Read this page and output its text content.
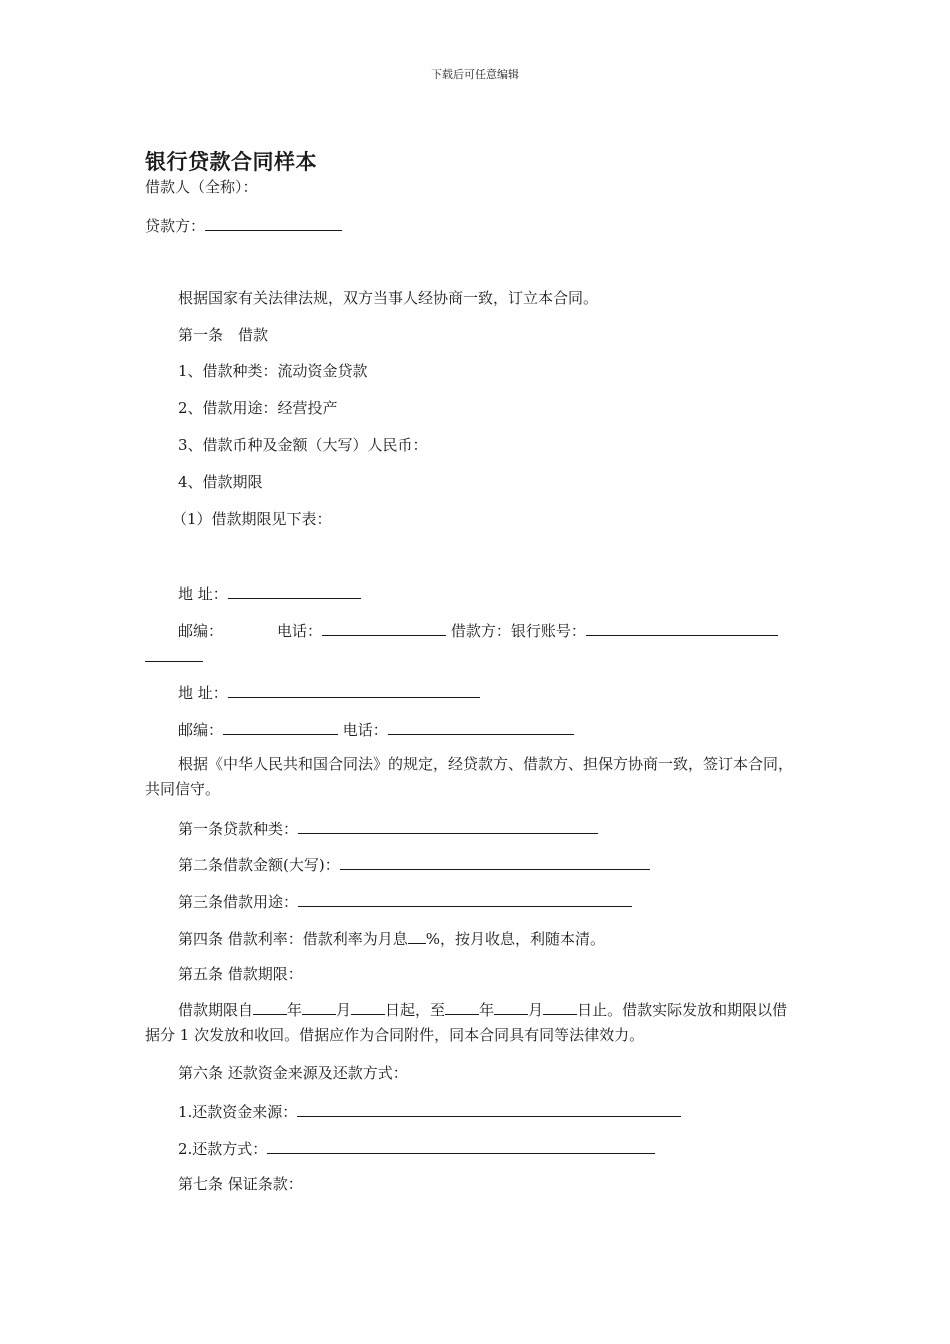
下载后可任意编辑
银行贷款合同样本
借款人（全称）：
贷款方：
根据国家有关法律法规，双方当事人经协商一致，订立本合同。
第一条　借款
1、借款种类：流动资金贷款
2、借款用途：经营投产
3、借款币种及金额（大写）人民币：
4、借款期限
（1）借款期限见下表：
地 址：
邮编：	电话：	借款方：银行账号：
地 址：
邮编：	电话：
根据《中华人民共和国合同法》的规定，经贷款方、借款方、担保方协商一致，签订本合同，共同信守。
第一条贷款种类：
第二条借款金额(大写)：
第三条借款用途：
第四条 借款利率：借款利率为月息 %，按月收息，利随本清。
第五条 借款期限：
借款期限自 年 月 日起，至 年 月 日止。借款实际发放和期限以借据分 1 次发放和收回。借据应作为合同附件，同本合同具有同等法律效力。
第六条 还款资金来源及还款方式：
1.还款资金来源：
2.还款方式：
第七条 保证条款：
